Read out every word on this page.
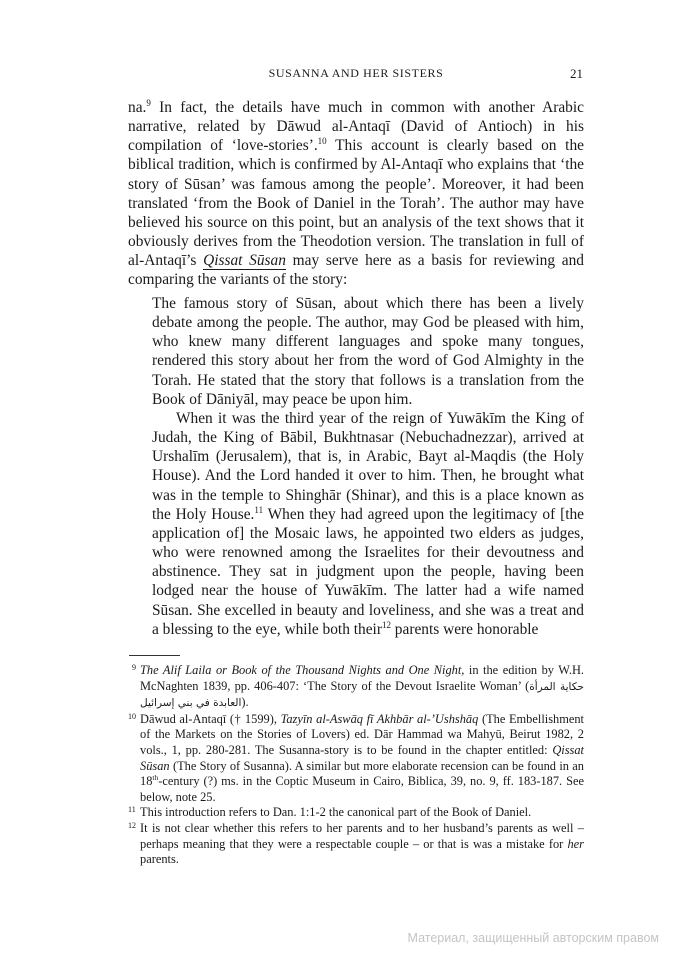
SUSANNA AND HER SISTERS	21

na.$^9$ In fact, the details have much in common with another Arabic narrative, related by Dāwud al-Antaqī (David of Antioch) in his compilation of ‘love-stories’.$^{10}$ This account is clearly based on the biblical tradition, which is confirmed by Al-Antaqī who explains that ‘the story of Sūsan’ was famous among the people’. Moreover, it had been translated ‘from the Book of Daniel in the Torah’. The author may have believed his source on this point, but an analysis of the text shows that it obviously derives from the Theodotion version. The translation in full of al-Antaqī’s Qissat Sūsan may serve here as a basis for reviewing and comparing the variants of the story:

The famous story of Sūsan, about which there has been a lively debate among the people. The author, may God be pleased with him, who knew many different languages and spoke many tongues, rendered this story about her from the word of God Almighty in the Torah. He stated that the story that follows is a translation from the Book of Dāniyāl, may peace be upon him.

When it was the third year of the reign of Yuwākīm the King of Judah, the King of Bābil, Bukhtnasar (Nebuchadnezzar), arrived at Urshalīm (Jerusalem), that is, in Arabic, Bayt al-Maqdis (the Holy House). And the Lord handed it over to him. Then, he brought what was in the temple to Shinghār (Shinar), and this is a place known as the Holy House.$^{11}$ When they had agreed upon the legitimacy of [the application of] the Mosaic laws, he appointed two elders as judges, who were renowned among the Israelites for their devoutness and abstinence. They sat in judgment upon the people, having been lodged near the house of Yuwākīm. The latter had a wife named Sūsan. She excelled in beauty and loveliness, and she was a treat and a blessing to the eye, while both their$^{12}$ parents were honorable

9 The Alif Laila or Book of the Thousand Nights and One Night, in the edition by W.H. McNaghten 1839, pp. 406-407: ‘The Story of the Devout Israelite Woman’ (حكاية المرأة العابدة في بني إسرائيل).

10 Dāwud al-Antaqī († 1599), Tazyīn al-Aswāq fī Akhbār al-’Ushshāq (The Embellishment of the Markets on the Stories of Lovers) ed. Dār Hammad wa Mahyū, Beirut 1982, 2 vols., 1, pp. 280-281. The Susanna-story is to be found in the chapter entitled: Qissat Sūsan (The Story of Susanna). A similar but more elaborate recension can be found in an 18th-century (?) ms. in the Coptic Museum in Cairo, Biblica, 39, no. 9, ff. 183-187. See below, note 25.

11 This introduction refers to Dan. 1:1-2 the canonical part of the Book of Daniel.

12 It is not clear whether this refers to her parents and to her husband’s parents as well – perhaps meaning that they were a respectable couple – or that is was a mistake for her parents.

Материал, защищенный авторским правом
